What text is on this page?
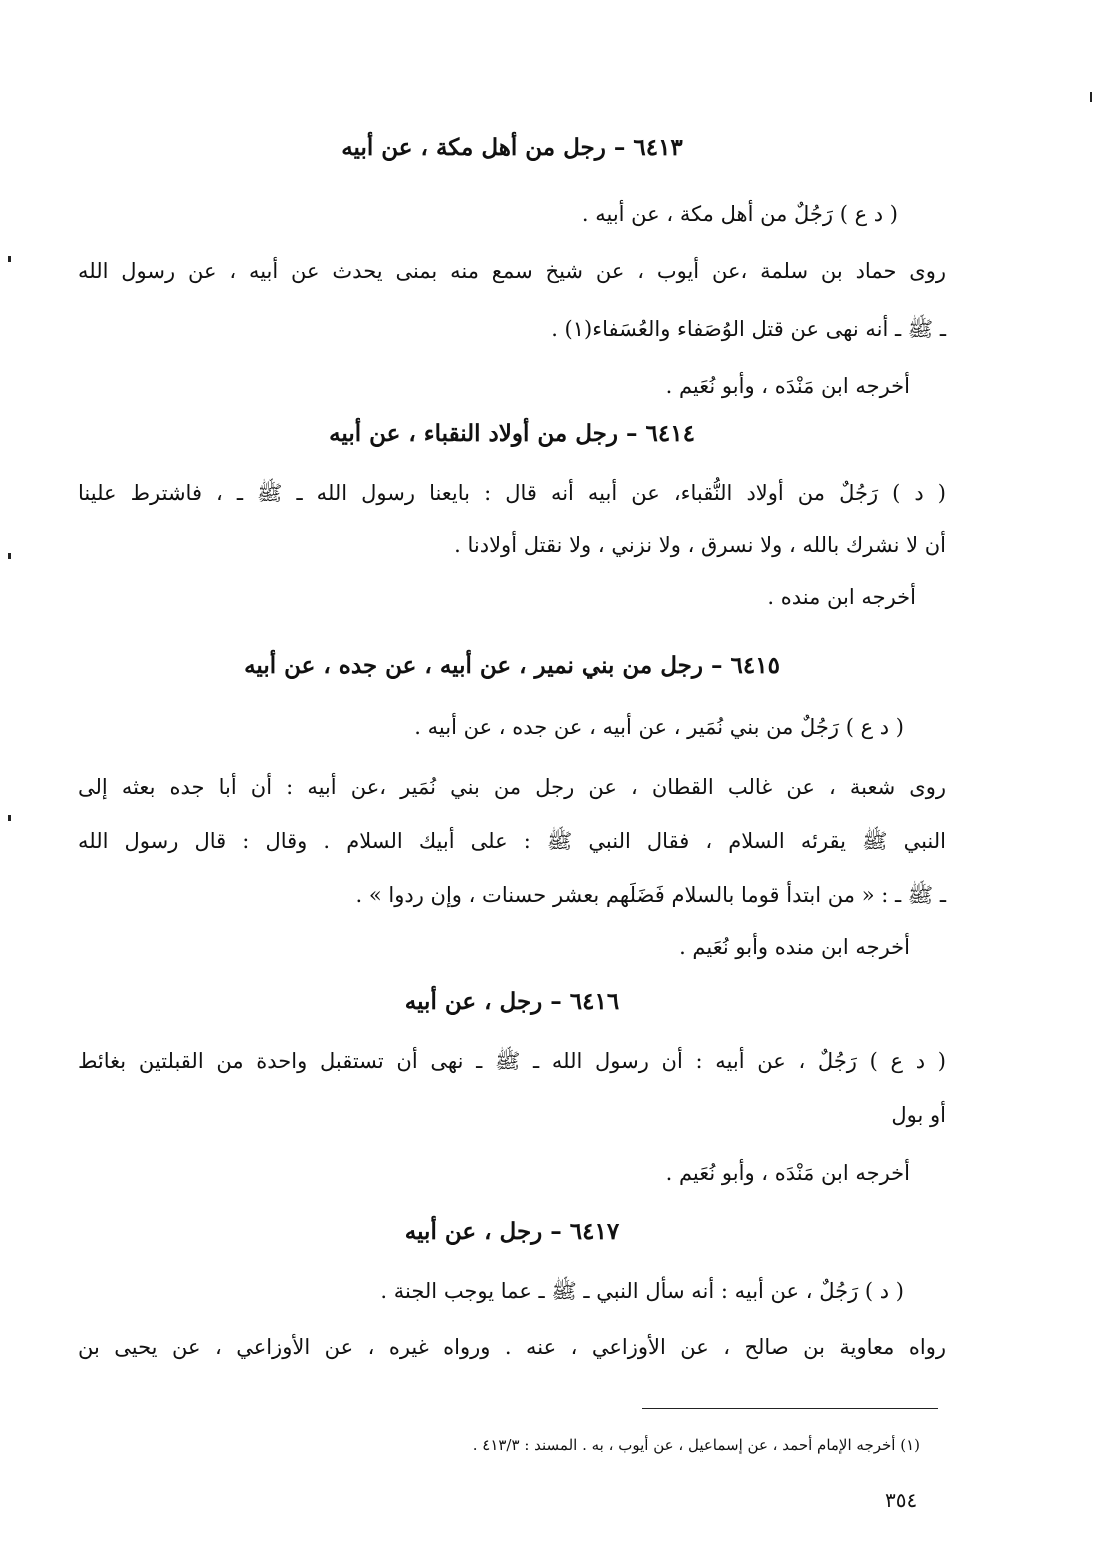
٦٤١٣ – رجل من أهل مكة ، عن أبيه
( د ع ) رَجُلٌ من أهل مكة ، عن أبيه .
روى حماد بن سلمة ،عن أيوب ، عن شيخ سمع منه بمنى يحدث عن أبيه ، عن رسول الله
ـ ﷺ ـ أنه نهى عن قتل الوُصَفاء والعُسَفاء(١) .
أخرجه ابن مَنْدَه ، وأبو نُعَيم .
٦٤١٤ – رجل من أولاد النقباء ، عن أبيه
( د ) رَجُلٌ من أولاد النُّقباء، عن أبيه أنه قال : بايعنا رسول الله ـ ﷺ ـ ، فاشترط علينا
أن لا نشرك بالله ، ولا نسرق ، ولا نزني ، ولا نقتل أولادنا .
أخرجه ابن منده .
٦٤١٥ – رجل من بني نمير ، عن أبيه ، عن جده ، عن أبيه
( د ع ) رَجُلٌ من بني نُمَير ، عن أبيه ، عن جده ، عن أبيه .
روى شعبة ، عن غالب القطان ، عن رجل من بني نُمَير ،عن أبيه : أن أبا جده بعثه إلى
النبي ﷺ يقرئه السلام ، فقال النبي ﷺ : على أبيك السلام . وقال : قال رسول الله
ـ ﷺ ـ : « من ابتدأ قوما بالسلام فَضَلَهم بعشر حسنات ، وإن ردوا » .
أخرجه ابن منده وأبو نُعَيم .
٦٤١٦ – رجل ، عن أبيه
( د ع ) رَجُلٌ ، عن أبيه : أن رسول الله ـ ﷺ ـ نهى أن تستقبل واحدة من القبلتين بغائط
أو بول
أخرجه ابن مَنْدَه ، وأبو نُعَيم .
٦٤١٧ – رجل ، عن أبيه
( د ) رَجُلٌ ، عن أبيه : أنه سأل النبي ـ ﷺ ـ عما يوجب الجنة .
رواه معاوية بن صالح ، عن الأوزاعي ، عنه . ورواه غيره ، عن الأوزاعي ، عن يحيى بن
(١) أخرجه الإمام أحمد ، عن إسماعيل ، عن أيوب ، به . المسند : ٤١٣/٣ .
٣٥٤
